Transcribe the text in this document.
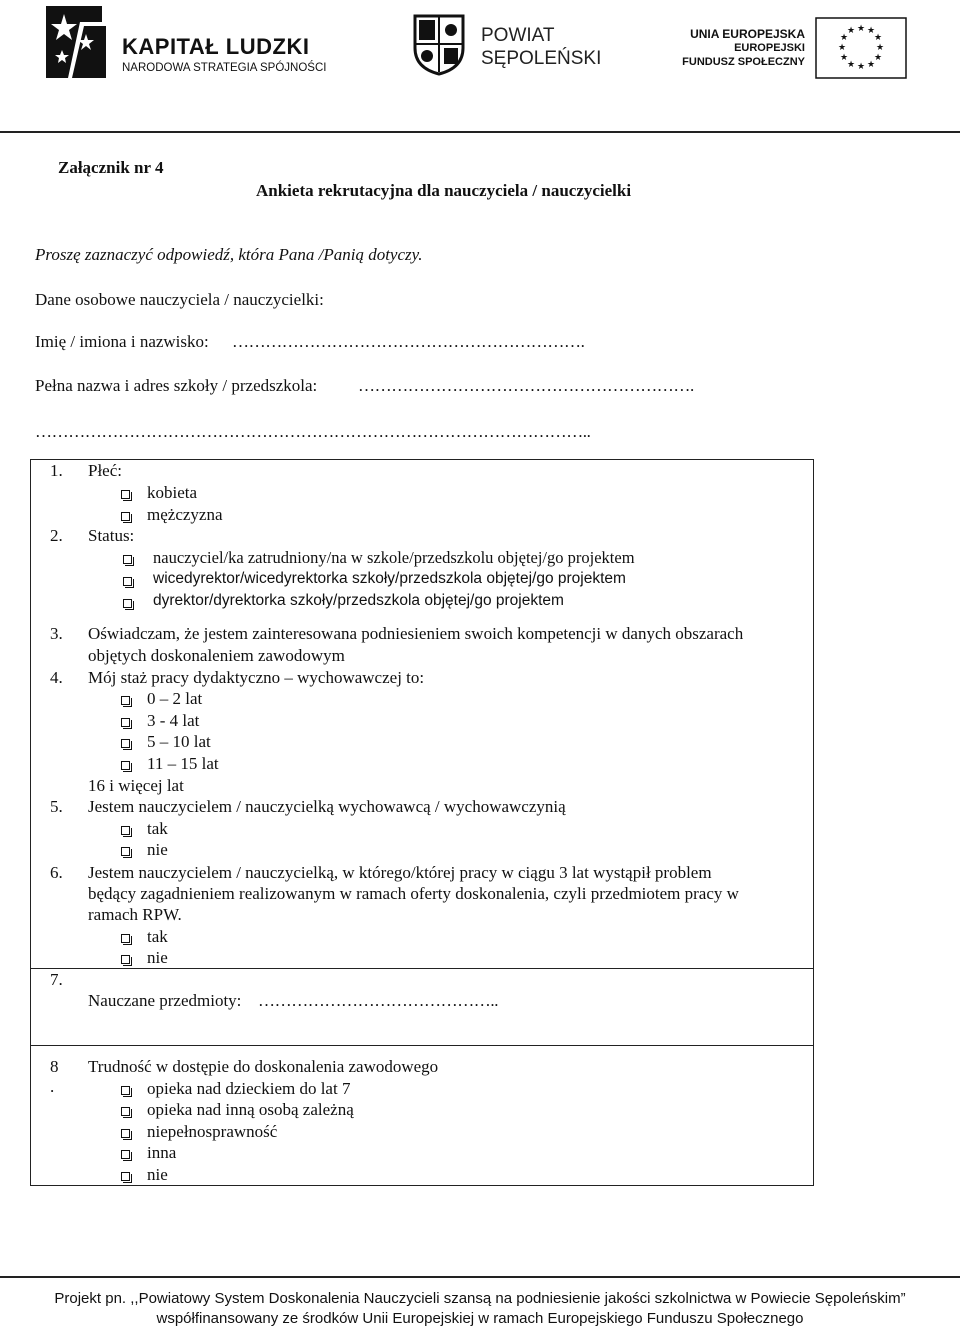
KAPITAŁ LUDZKI
NARODOWA STRATEGIA SPÓJNOŚCI
POWIAT
SĘPOLEŃSKI
UNIA EUROPEJSKA
EUROPEJSKI
FUNDUSZ SPOŁECZNY
★ ★
★
★
★
★
★
★
★
★
★
★
Załącznik nr 4
Ankieta rekrutacyjna dla nauczyciela / nauczycielki
Proszę zaznaczyć odpowiedź, która Pana /Panią dotyczy.
Dane osobowe nauczyciela / nauczycielki:
Imię / imiona i nazwisko: ……………………………………………………….
Pełna nazwa i adres szkoły / przedszkola: …………………………………………………….
………………………………………………………………………………………..
1. Płeć:
kobieta
mężczyzna
2. Status:
nauczyciel/ka zatrudniony/na w szkole/przedszkolu objętej/go projektem
wicedyrektor/wicedyrektorka szkoły/przedszkola objętej/go projektem
dyrektor/dyrektorka szkoły/przedszkola objętej/go projektem
3. Oświadczam, że jestem zainteresowana podniesieniem swoich kompetencji w danych obszarach
objętych doskonaleniem zawodowym
4. Mój staż pracy dydaktyczno – wychowawczej to:
0 – 2 lat
3 - 4 lat
5 – 10 lat
11 – 15 lat
16 i więcej lat
5. Jestem nauczycielem / nauczycielką wychowawcą / wychowawczynią
tak
nie
6. Jestem nauczycielem / nauczycielką, w którego/której pracy w ciągu 3 lat wystąpił problem
będący zagadnieniem realizowanym w ramach oferty doskonalenia, czyli przedmiotem pracy w
ramach RPW.
tak
nie
7.
Nauczane przedmioty: ……………………………………..
8
.
Trudność w dostępie do doskonalenia zawodowego
opieka nad dzieckiem do lat 7
opieka nad inną osobą zależną
niepełnosprawność
inna
nie
Projekt pn. ,,Powiatowy System Doskonalenia Nauczycieli szansą na podniesienie jakości szkolnictwa w Powiecie Sępoleńskim”
współfinansowany ze środków Unii Europejskiej w ramach Europejskiego Funduszu Społecznego
